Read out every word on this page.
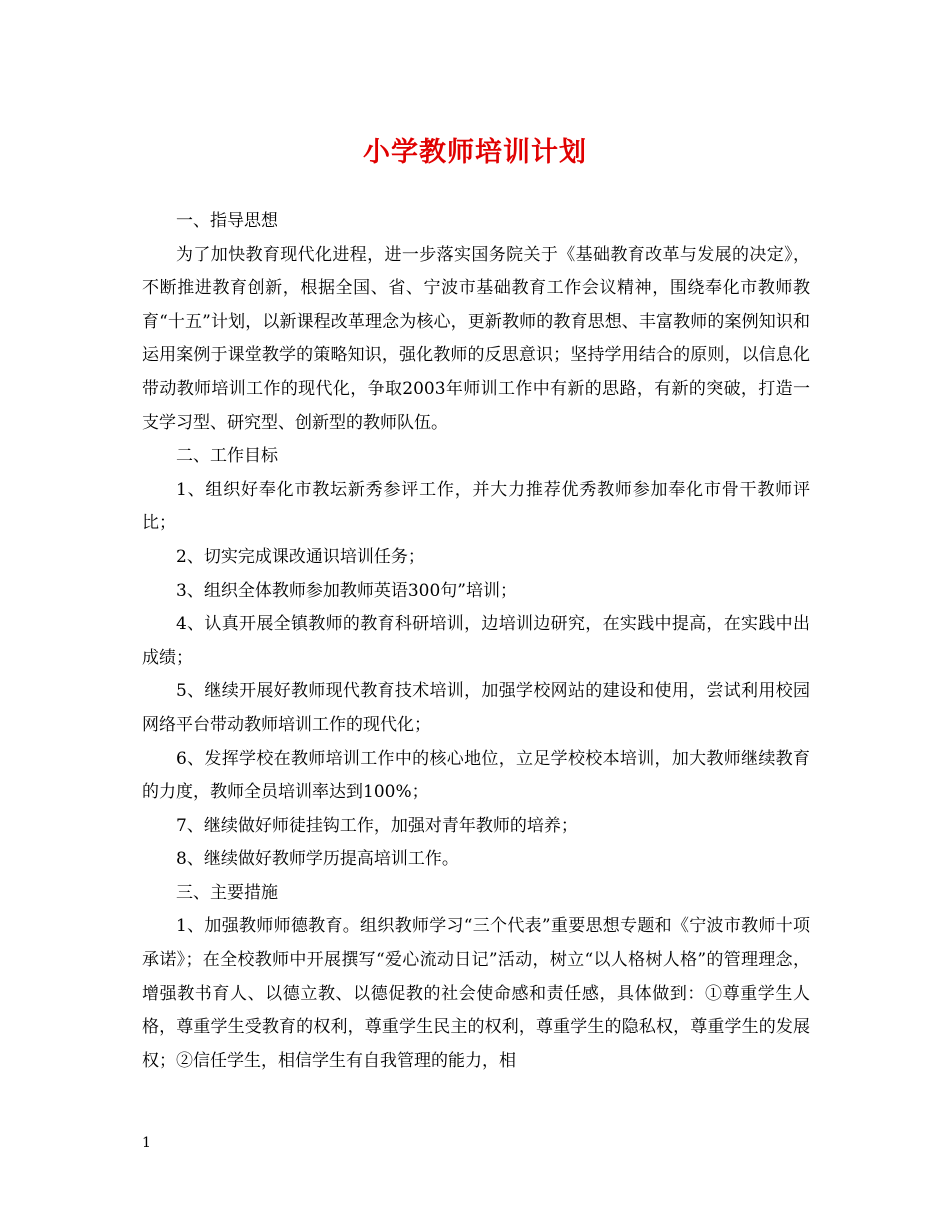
小学教师培训计划

一、指导思想

为了加快教育现代化进程，进一步落实国务院关于《基础教育改革与发展的决定》，不断推进教育创新，根据全国、省、宁波市基础教育工作会议精神，围绕奉化市教师教育“十五”计划，以新课程改革理念为核心，更新教师的教育思想、丰富教师的案例知识和运用案例于课堂教学的策略知识，强化教师的反思意识；坚持学用结合的原则，以信息化带动教师培训工作的现代化，争取2003年师训工作中有新的思路，有新的突破，打造一支学习型、研究型、创新型的教师队伍。

二、工作目标

1、组织好奉化市教坛新秀参评工作，并大力推荐优秀教师参加奉化市骨干教师评比；

2、切实完成课改通识培训任务；

3、组织全体教师参加教师英语300句”培训；

4、认真开展全镇教师的教育科研培训，边培训边研究，在实践中提高，在实践中出成绩；

5、继续开展好教师现代教育技术培训，加强学校网站的建设和使用，尝试利用校园网络平台带动教师培训工作的现代化；

6、发挥学校在教师培训工作中的核心地位，立足学校校本培训，加大教师继续教育的力度，教师全员培训率达到100%；

7、继续做好师徒挂钩工作，加强对青年教师的培养；

8、继续做好教师学历提高培训工作。

三、主要措施

1、加强教师师德教育。组织教师学习“三个代表”重要思想专题和《宁波市教师十项承诺》；在全校教师中开展撰写“爱心流动日记”活动，树立“以人格树人格”的管理理念，增强教书育人、以德立教、以德促教的社会使命感和责任感，具体做到：①尊重学生人格，尊重学生受教育的权利，尊重学生民主的权利，尊重学生的隐私权，尊重学生的发展权；②信任学生，相信学生有自我管理的能力，相

1
